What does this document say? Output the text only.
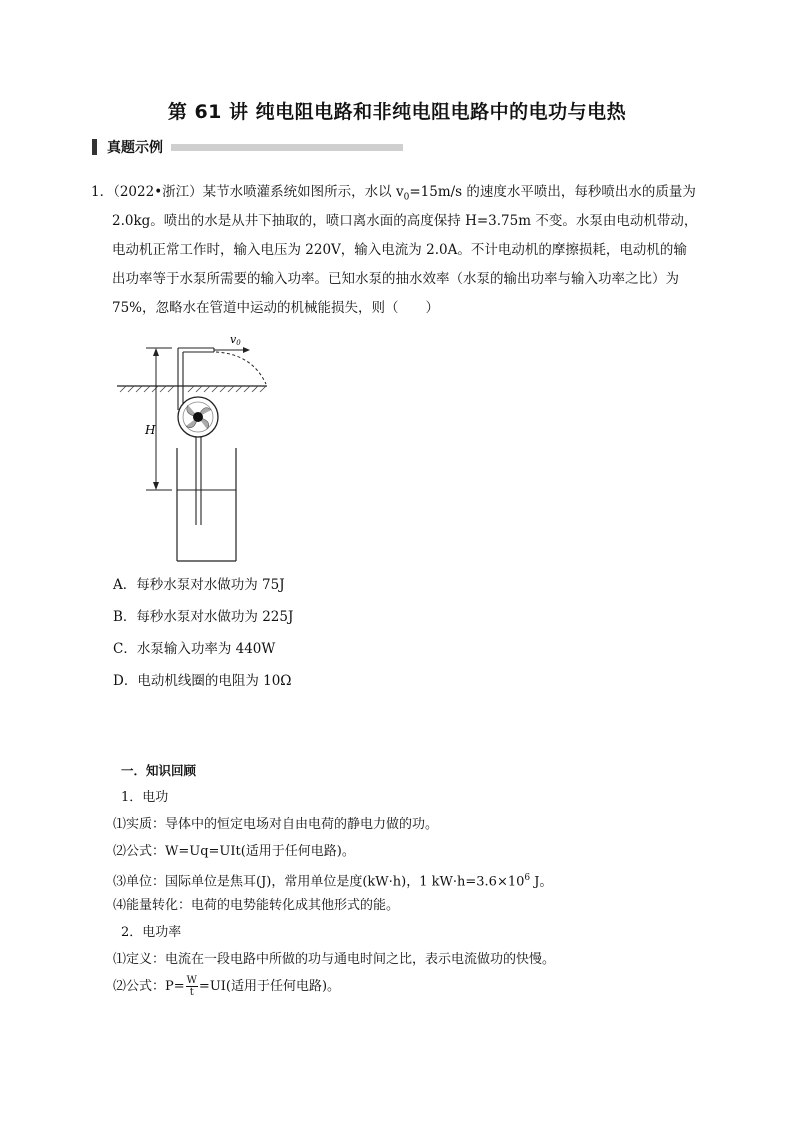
第 61 讲 纯电阻电路和非纯电阻电路中的电功与电热
真题示例
1．（2022•浙江）某节水喷灌系统如图所示，水以 $v_0=15m/s$ 的速度水平喷出，每秒喷出水的质量为
2.0kg。喷出的水是从井下抽取的，喷口离水面的高度保持 H=3.75m 不变。水泵由电动机带动，
电动机正常工作时，输入电压为 220V，输入电流为 2.0A。不计电动机的摩擦损耗，电动机的输
出功率等于水泵所需要的输入功率。已知水泵的抽水效率（水泵的输出功率与输入功率之比）为
75%，忽略水在管道中运动的机械能损失，则（　　）
v0
H
A．每秒水泵对水做功为 75J
B．每秒水泵对水做功为 225J
C．水泵输入功率为 440W
D．电动机线圈的电阻为 10Ω
一．知识回顾
1．电功
⑴实质：导体中的恒定电场对自由电荷的静电力做的功。
⑵公式：W=Uq=UIt(适用于任何电路)。
⑶单位：国际单位是焦耳(J)，常用单位是度(kW·h)，1 $kW\cdot h=3.6\times 10^6$ J。
⑷能量转化：电荷的电势能转化成其他形式的能。
2．电功率
⑴定义：电流在一段电路中所做的功与通电时间之比，表示电流做功的快慢。
⑵公式：$P= \frac{W}{t} =UI$(适用于任何电路)。
